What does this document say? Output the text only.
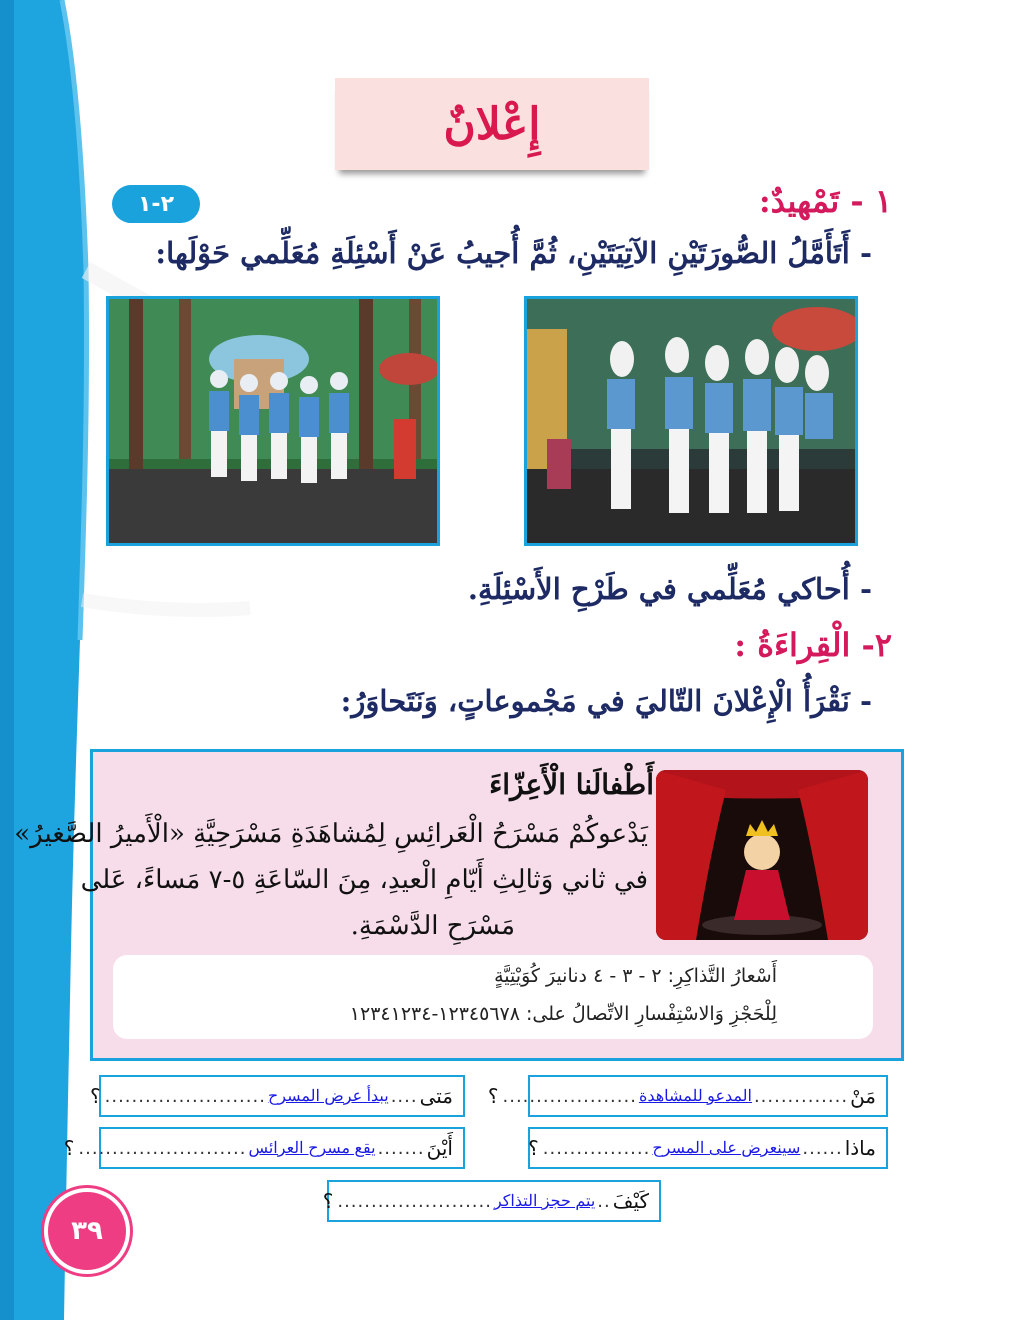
إِعْلانٌ
٢-١	١ - تَمْهيدٌ:
- أَتَأَمَّلُ الصُّورَتَيْنِ الآتِيَتَيْنِ، ثُمَّ أُجيبُ عَنْ أَسْئِلَةِ مُعَلِّمي حَوْلَها:
- أُحاكي مُعَلِّمي في طَرْحِ الأَسْئِلَةِ.
٢- الْقِراءَةُ :
- نَقْرَأُ الْإِعْلانَ التّاليَ في مَجْموعاتٍ، وَنَتَحاوَرُ:
أَطْفالَنا الْأَعِزّاءَ
يَدْعوكُمْ مَسْرَحُ الْعَرائِسِ لِمُشاهَدَةِ مَسْرَحِيَّةِ «الْأَميرُ الصَّغيرُ»
في ثاني وَثالِثِ أَيّامِ الْعيدِ، مِنَ السّاعَةِ ٥-٧ مَساءً، عَلى
مَسْرَحِ الدَّسْمَةِ.
أَسْعارُ التَّذاكِرِ: ٢ - ٣ - ٤ دنانيرَ كُوَيْتِيَّةٍ
لِلْحَجْزِ وَالاسْتِفْسارِ الاتِّصالُ على: ١٢٣٤٥٦٧٨-١٢٣٤١٢٣٤
مَنْ
..............
المدعو للمشاهدة
....................
؟
مَتى
....
يبدأ عرض المسرح
........................
؟
ماذا
......
سينعرض على المسرح
................
؟
أَيْنَ
.......
يقع مسرح العرائس
.........................
؟
كَيْفَ
..
يتم حجز التذاكر
.......................
؟
٣٩
